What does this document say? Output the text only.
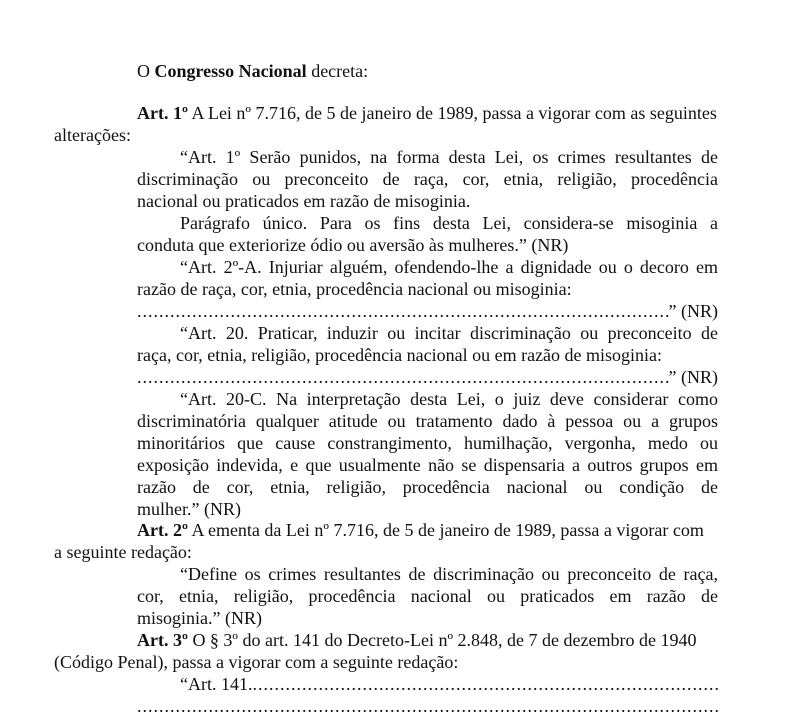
O Congresso Nacional decreta:
Art. 1º A Lei nº 7.716, de 5 de janeiro de 1989, passa a vigorar com as seguintes
alterações:
“Art. 1º Serão punidos, na forma desta Lei, os crimes resultantes de
discriminação ou preconceito de raça, cor, etnia, religião, procedência
nacional ou praticados em razão de misoginia.
Parágrafo único. Para os fins desta Lei, considera-se misoginia a
conduta que exteriorize ódio ou aversão às mulheres.” (NR)
“Art. 2º-A. Injuriar alguém, ofendendo-lhe a dignidade ou o decoro em
razão de raça, cor, etnia, procedência nacional ou misoginia:
.....
” (NR)
“Art. 20. Praticar, induzir ou incitar discriminação ou preconceito de
raça, cor, etnia, religião, procedência nacional ou em razão de misoginia:
.....
” (NR)
“Art. 20-C. Na interpretação desta Lei, o juiz deve considerar como
discriminatória qualquer atitude ou tratamento dado à pessoa ou a grupos
minoritários que cause constrangimento, humilhação, vergonha, medo ou
exposição indevida, e que usualmente não se dispensaria a outros grupos em
razão de cor, etnia, religião, procedência nacional ou condição de
mulher.” (NR)
Art. 2º A ementa da Lei nº 7.716, de 5 de janeiro de 1989, passa a vigorar com
a seguinte redação:
“Define os crimes resultantes de discriminação ou preconceito de raça,
cor, etnia, religião, procedência nacional ou praticados em razão de
misoginia.” (NR)
Art. 3º O § 3º do art. 141 do Decreto-Lei nº 2.848, de 7 de dezembro de 1940
(Código Penal), passa a vigorar com a seguinte redação:
“Art. 141.
.....
.....
